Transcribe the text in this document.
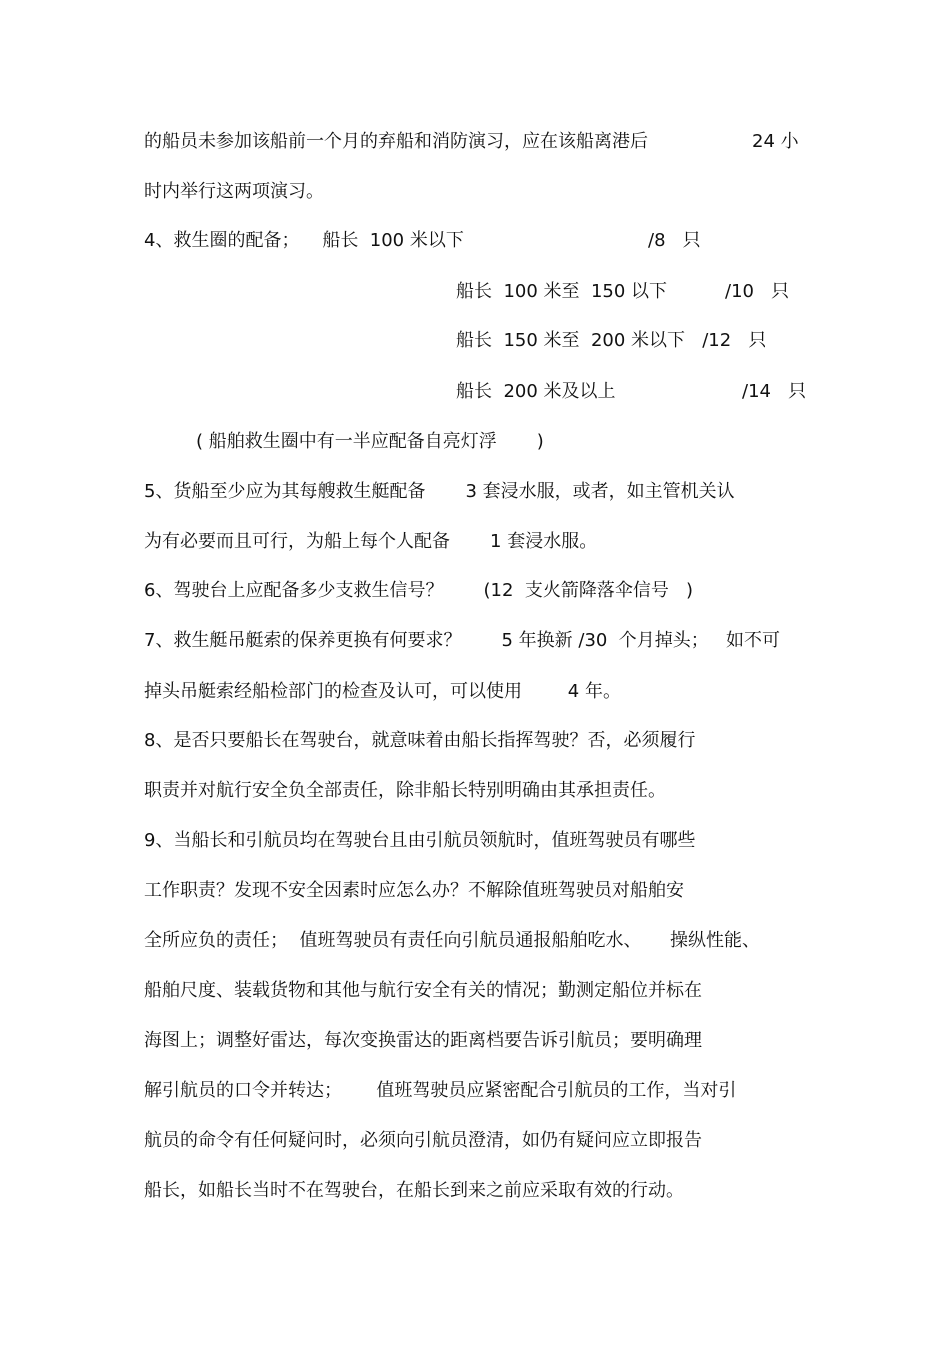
的船员未参加该船前一个月的弃船和消防演习，应在该船离港后	24 小
时内举行这两项演习。
4、救生圈的配备；    船长  100 米以下	/8   只
船长  100 米至  150 以下	/10   只
船长  150 米至  200 米以下   /12   只
船长  200 米及以上	/14   只
( 船舶救生圈中有一半应配备自亮灯浮       )
5、货船至少应为其每艘救生艇配备       3 套浸水服，或者，如主管机关认
为有必要而且可行，为船上每个人配备       1 套浸水服。
6、驾驶台上应配备多少支救生信号？       (12  支火箭降落伞信号   )
7、救生艇吊艇索的保养更换有何要求？       5 年换新 /30  个月掉头；   如不可
掉头吊艇索经船检部门的检查及认可，可以使用        4 年。
8、是否只要船长在驾驶台，就意味着由船长指挥驾驶？否，必须履行
职责并对航行安全负全部责任，除非船长特别明确由其承担责任。
9、当船长和引航员均在驾驶台且由引航员领航时，值班驾驶员有哪些
工作职责？发现不安全因素时应怎么办？不解除值班驾驶员对船舶安
全所应负的责任；  值班驾驶员有责任向引航员通报船舶吃水、     操纵性能、
船舶尺度、装载货物和其他与航行安全有关的情况；勤测定船位并标在
海图上；调整好雷达，每次变换雷达的距离档要告诉引航员；要明确理
解引航员的口令并转达；      值班驾驶员应紧密配合引航员的工作，当对引
航员的命令有任何疑问时，必须向引航员澄清，如仍有疑问应立即报告
船长，如船长当时不在驾驶台，在船长到来之前应采取有效的行动。
